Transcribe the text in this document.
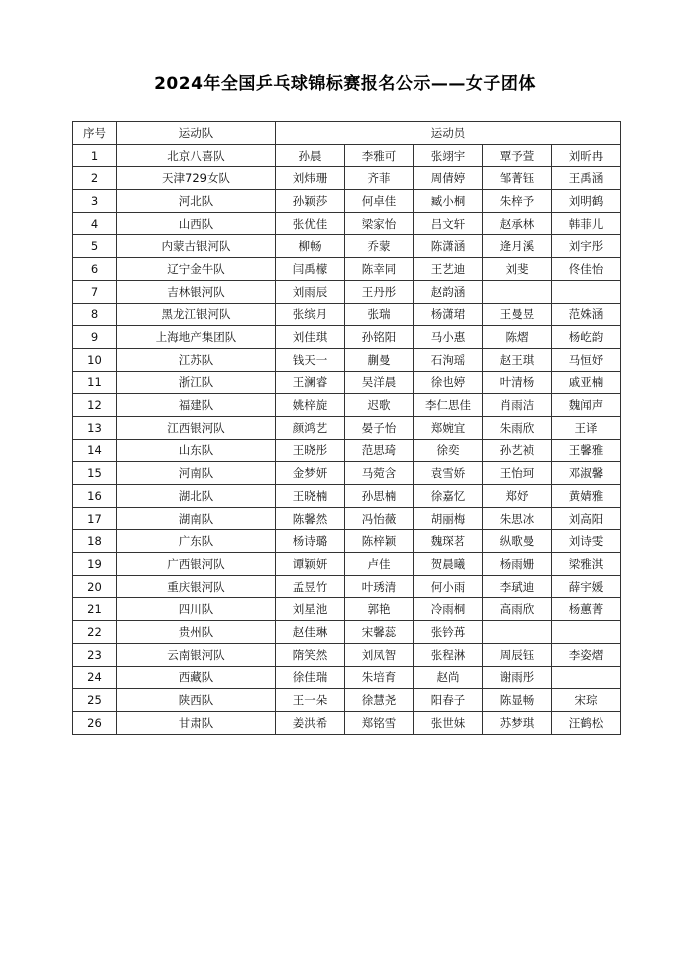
2024年全国乒乓球锦标赛报名公示——女子团体
序号	运动队	运动员				
1	北京八喜队	孙晨	李雅可	张翊宇	覃予萱	刘昕冉
2	天津729女队	刘炜珊	齐菲	周倩婷	邹菁钰	王禹涵
3	河北队	孙颖莎	何卓佳	臧小桐	朱梓予	刘明鹤
4	山西队	张优佳	梁家怡	吕文轩	赵承林	韩菲儿
5	内蒙古银河队	柳畅	乔蒙	陈潇涵	逄月溪	刘宇彤
6	辽宁金牛队	闫禹檬	陈幸同	王艺迪	刘斐	佟佳怡
7	吉林银河队	刘雨辰	王丹彤	赵韵涵		
8	黑龙江银河队	张缤月	张瑞	杨潇珺	王曼昱	范姝涵
9	上海地产集团队	刘佳琪	孙铭阳	马小惠	陈熠	杨屹韵
10	江苏队	钱天一	蒯曼	石洵瑶	赵王琪	马恒妤
11	浙江队	王澜睿	吴洋晨	徐也婷	叶清杨	戚亚楠
12	福建队	姚梓旋	迟歌	李仁思佳	肖雨洁	魏闻声
13	江西银河队	颜鸿艺	晏子怡	郑婉宜	朱雨欣	王译
14	山东队	王晓彤	范思琦	徐奕	孙艺祯	王馨雅
15	河南队	金梦妍	马菀含	袁雪娇	王怡珂	邓淑馨
16	湖北队	王晓楠	孙思楠	徐嘉忆	郑妤	黄婧雅
17	湖南队	陈馨然	冯怡薇	胡丽梅	朱思冰	刘高阳
18	广东队	杨诗璐	陈梓颖	魏琛茗	纵歌曼	刘诗雯
19	广西银河队	谭颖妍	卢佳	贺晨曦	杨雨姗	梁雅淇
20	重庆银河队	孟昱竹	叶琇清	何小雨	李珷迪	薛宇媛
21	四川队	刘星池	郭艳	冷雨桐	高雨欣	杨蕙菁
22	贵州队	赵佳琳	宋馨蕊	张钤苒		
23	云南银河队	隋笑然	刘凤智	张程淋	周辰钰	李姿熠
24	西藏队	徐佳瑞	朱培育	赵尚	谢雨彤	
25	陕西队	王一朵	徐慧尧	阳春子	陈显畅	宋琮
26	甘肃队	姜洪希	郑铭雪	张世妹	苏梦琪	汪鹤松
